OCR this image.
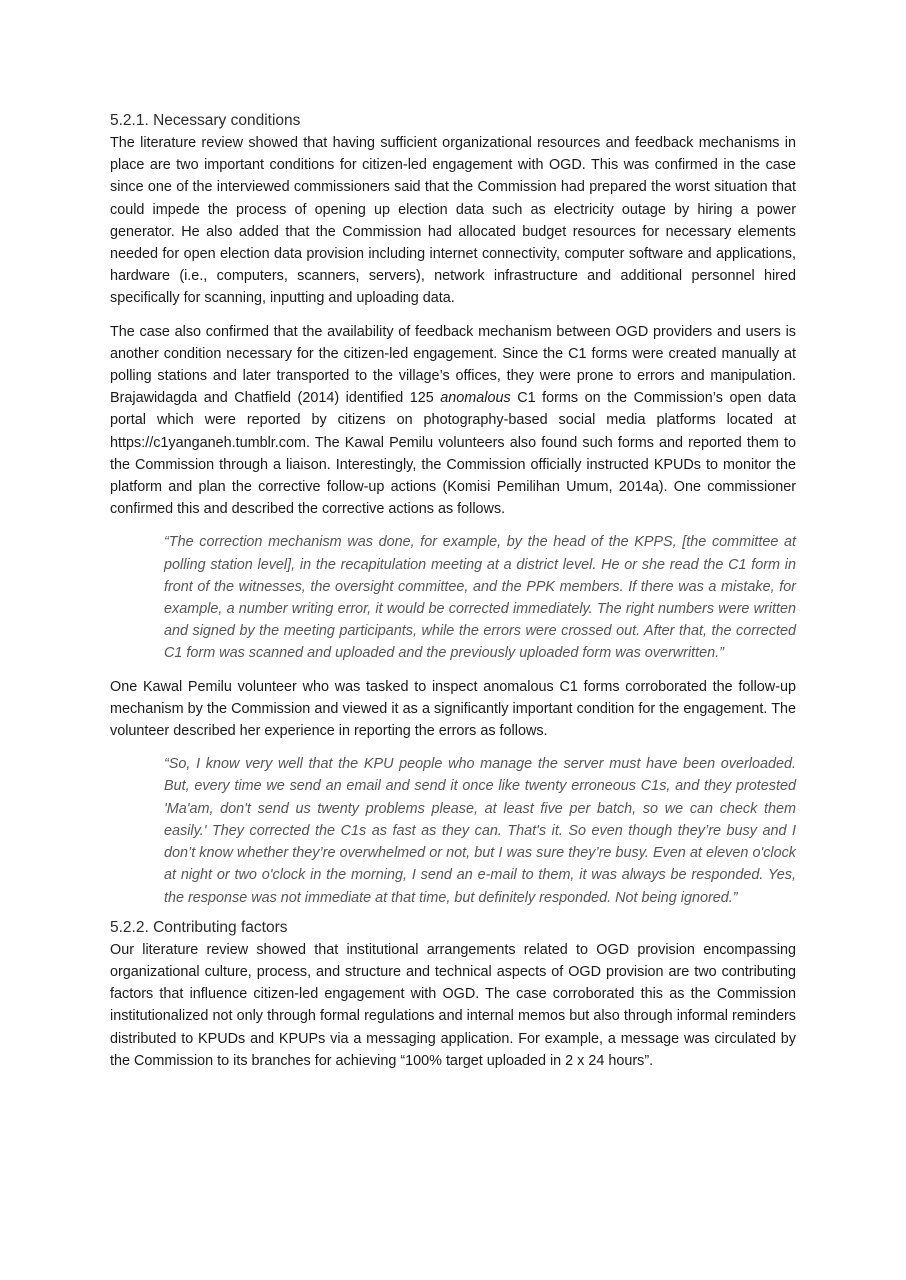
5.2.1. Necessary conditions

The literature review showed that having sufficient organizational resources and feedback mechanisms in place are two important conditions for citizen-led engagement with OGD. This was confirmed in the case since one of the interviewed commissioners said that the Commission had prepared the worst situation that could impede the process of opening up election data such as electricity outage by hiring a power generator. He also added that the Commission had allocated budget resources for necessary elements needed for open election data provision including internet connectivity, computer software and applications, hardware (i.e., computers, scanners, servers), network infrastructure and additional personnel hired specifically for scanning, inputting and uploading data.

The case also confirmed that the availability of feedback mechanism between OGD providers and users is another condition necessary for the citizen-led engagement. Since the C1 forms were created manually at polling stations and later transported to the village’s offices, they were prone to errors and manipulation. Brajawidagda and Chatfield (2014) identified 125 anomalous C1 forms on the Commission’s open data portal which were reported by citizens on photography-based social media platforms located at https://c1yanganeh.tumblr.com. The Kawal Pemilu volunteers also found such forms and reported them to the Commission through a liaison. Interestingly, the Commission officially instructed KPUDs to monitor the platform and plan the corrective follow-up actions (Komisi Pemilihan Umum, 2014a). One commissioner confirmed this and described the corrective actions as follows.

“The correction mechanism was done, for example, by the head of the KPPS, [the committee at polling station level], in the recapitulation meeting at a district level. He or she read the C1 form in front of the witnesses, the oversight committee, and the PPK members. If there was a mistake, for example, a number writing error, it would be corrected immediately. The right numbers were written and signed by the meeting participants, while the errors were crossed out. After that, the corrected C1 form was scanned and uploaded and the previously uploaded form was overwritten.”

One Kawal Pemilu volunteer who was tasked to inspect anomalous C1 forms corroborated the follow-up mechanism by the Commission and viewed it as a significantly important condition for the engagement. The volunteer described her experience in reporting the errors as follows.

“So, I know very well that the KPU people who manage the server must have been overloaded. But, every time we send an email and send it once like twenty erroneous C1s, and they protested 'Ma'am, don't send us twenty problems please, at least five per batch, so we can check them easily.' They corrected the C1s as fast as they can. That's it. So even though they’re busy and I don’t know whether they’re overwhelmed or not, but I was sure they’re busy. Even at eleven o'clock at night or two o'clock in the morning, I send an e-mail to them, it was always be responded. Yes, the response was not immediate at that time, but definitely responded. Not being ignored.”
5.2.2. Contributing factors

Our literature review showed that institutional arrangements related to OGD provision encompassing organizational culture, process, and structure and technical aspects of OGD provision are two contributing factors that influence citizen-led engagement with OGD. The case corroborated this as the Commission institutionalized not only through formal regulations and internal memos but also through informal reminders distributed to KPUDs and KPUPs via a messaging application. For example, a message was circulated by the Commission to its branches for achieving “100% target uploaded in 2 x 24 hours”.
